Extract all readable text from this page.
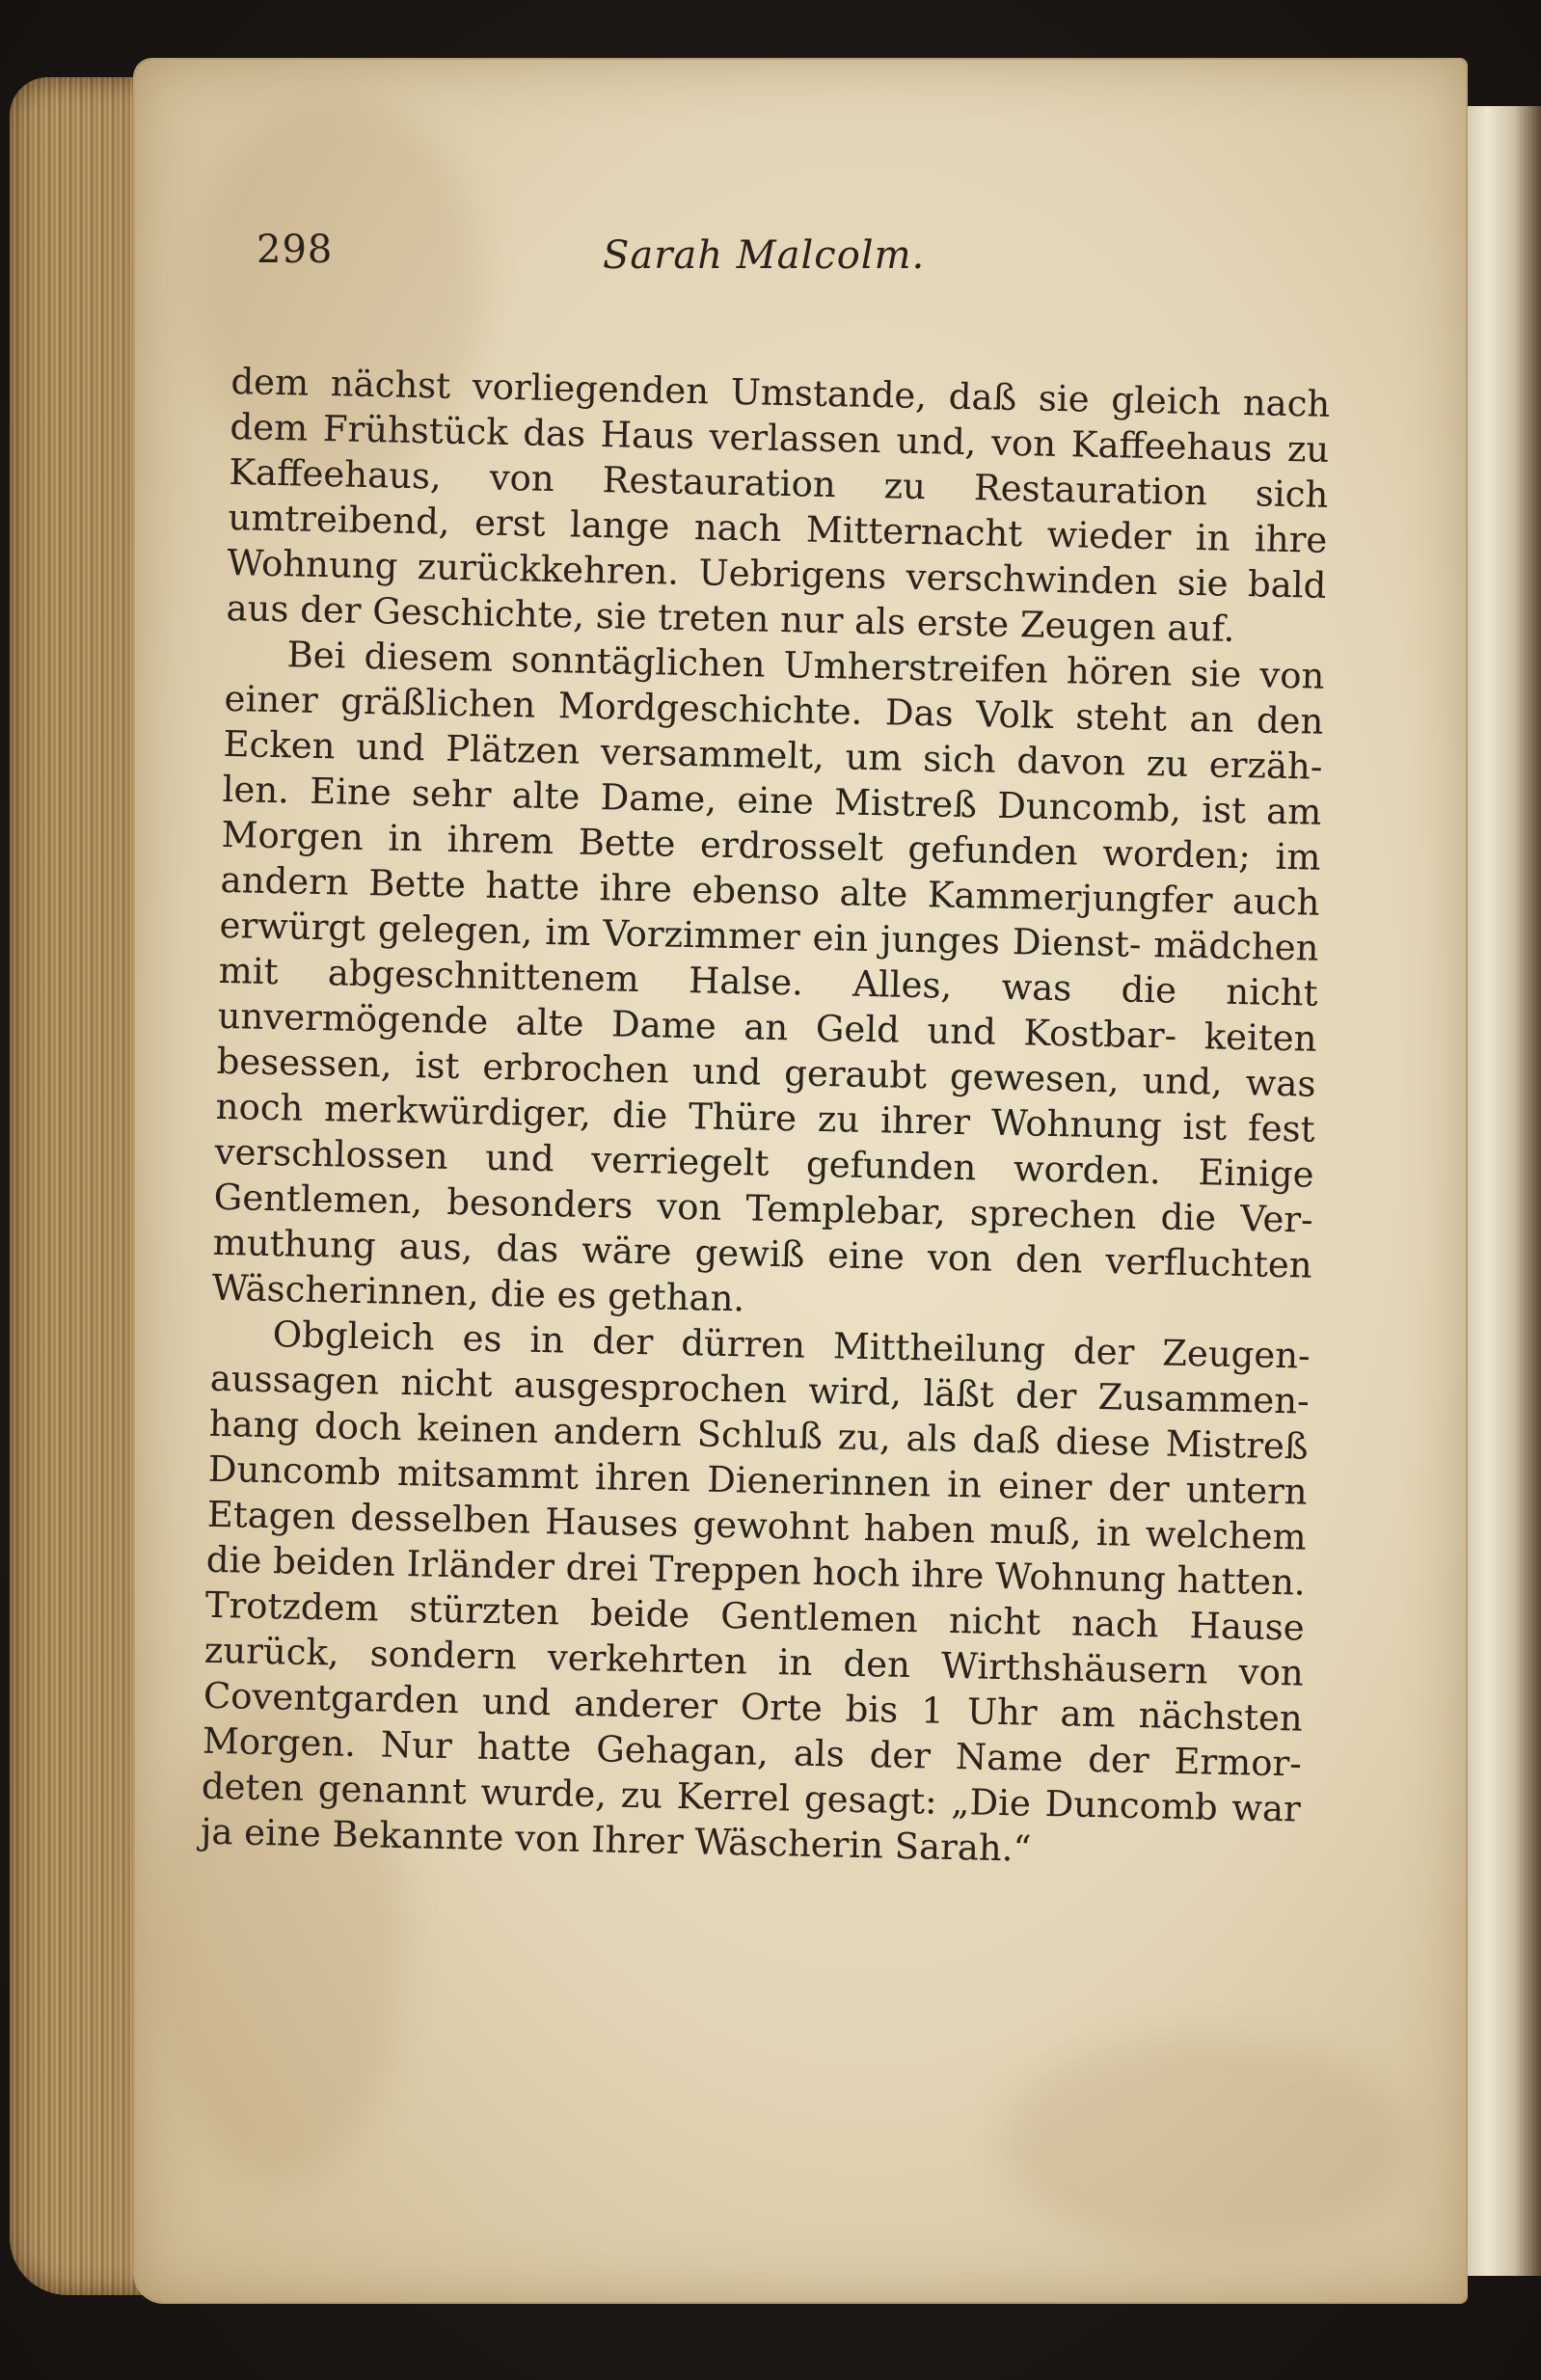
298	Sarah Malcolm.

dem nächst vorliegenden Umstande, daß sie gleich nach dem Frühstück das Haus verlassen und, von Kaffeehaus zu Kaffeehaus, von Restauration zu Restauration sich umtreibend, erst lange nach Mitternacht wieder in ihre Wohnung zurückkehren. Uebrigens verschwinden sie bald aus der Geschichte, sie treten nur als erste Zeugen auf.

Bei diesem sonntäglichen Umherstreifen hören sie von einer gräßlichen Mordgeschichte. Das Volk steht an den Ecken und Plätzen versammelt, um sich davon zu erzäh- len. Eine sehr alte Dame, eine Mistreß Duncomb, ist am Morgen in ihrem Bette erdrosselt gefunden worden; im andern Bette hatte ihre ebenso alte Kammerjungfer auch erwürgt gelegen, im Vorzimmer ein junges Dienst- mädchen mit abgeschnittenem Halse. Alles, was die nicht unvermögende alte Dame an Geld und Kostbar- keiten besessen, ist erbrochen und geraubt gewesen, und, was noch merkwürdiger, die Thüre zu ihrer Wohnung ist fest verschlossen und verriegelt gefunden worden. Einige Gentlemen, besonders von Templebar, sprechen die Ver- muthung aus, das wäre gewiß eine von den verfluchten Wäscherinnen, die es gethan.

Obgleich es in der dürren Mittheilung der Zeugen- aussagen nicht ausgesprochen wird, läßt der Zusammen- hang doch keinen andern Schluß zu, als daß diese Mistreß Duncomb mitsammt ihren Dienerinnen in einer der untern Etagen desselben Hauses gewohnt haben muß, in welchem die beiden Irländer drei Treppen hoch ihre Wohnung hatten. Trotzdem stürzten beide Gentlemen nicht nach Hause zurück, sondern verkehrten in den Wirthshäusern von Coventgarden und anderer Orte bis 1 Uhr am nächsten Morgen. Nur hatte Gehagan, als der Name der Ermor- deten genannt wurde, zu Kerrel gesagt: „Die Duncomb war ja eine Bekannte von Ihrer Wäscherin Sarah.“
